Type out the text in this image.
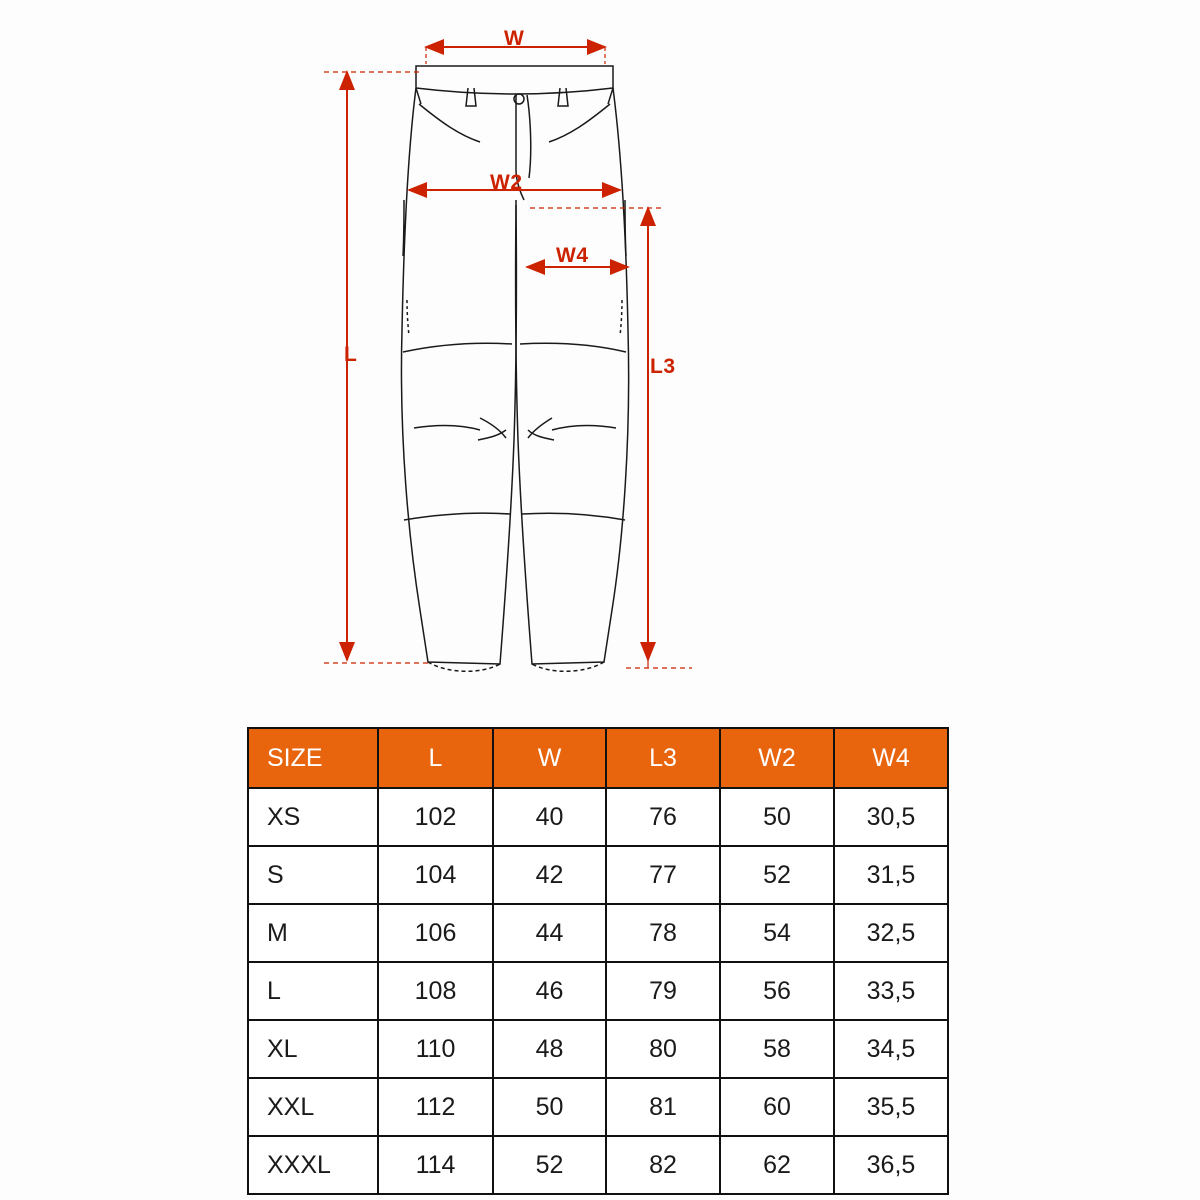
W
W2
W4
L
L3
SIZE	L	W	L3	W2	W4
XS	102	40	76	50	30,5
S	104	42	77	52	31,5
M	106	44	78	54	32,5
L	108	46	79	56	33,5
XL	110	48	80	58	34,5
XXL	112	50	81	60	35,5
XXXL	114	52	82	62	36,5
